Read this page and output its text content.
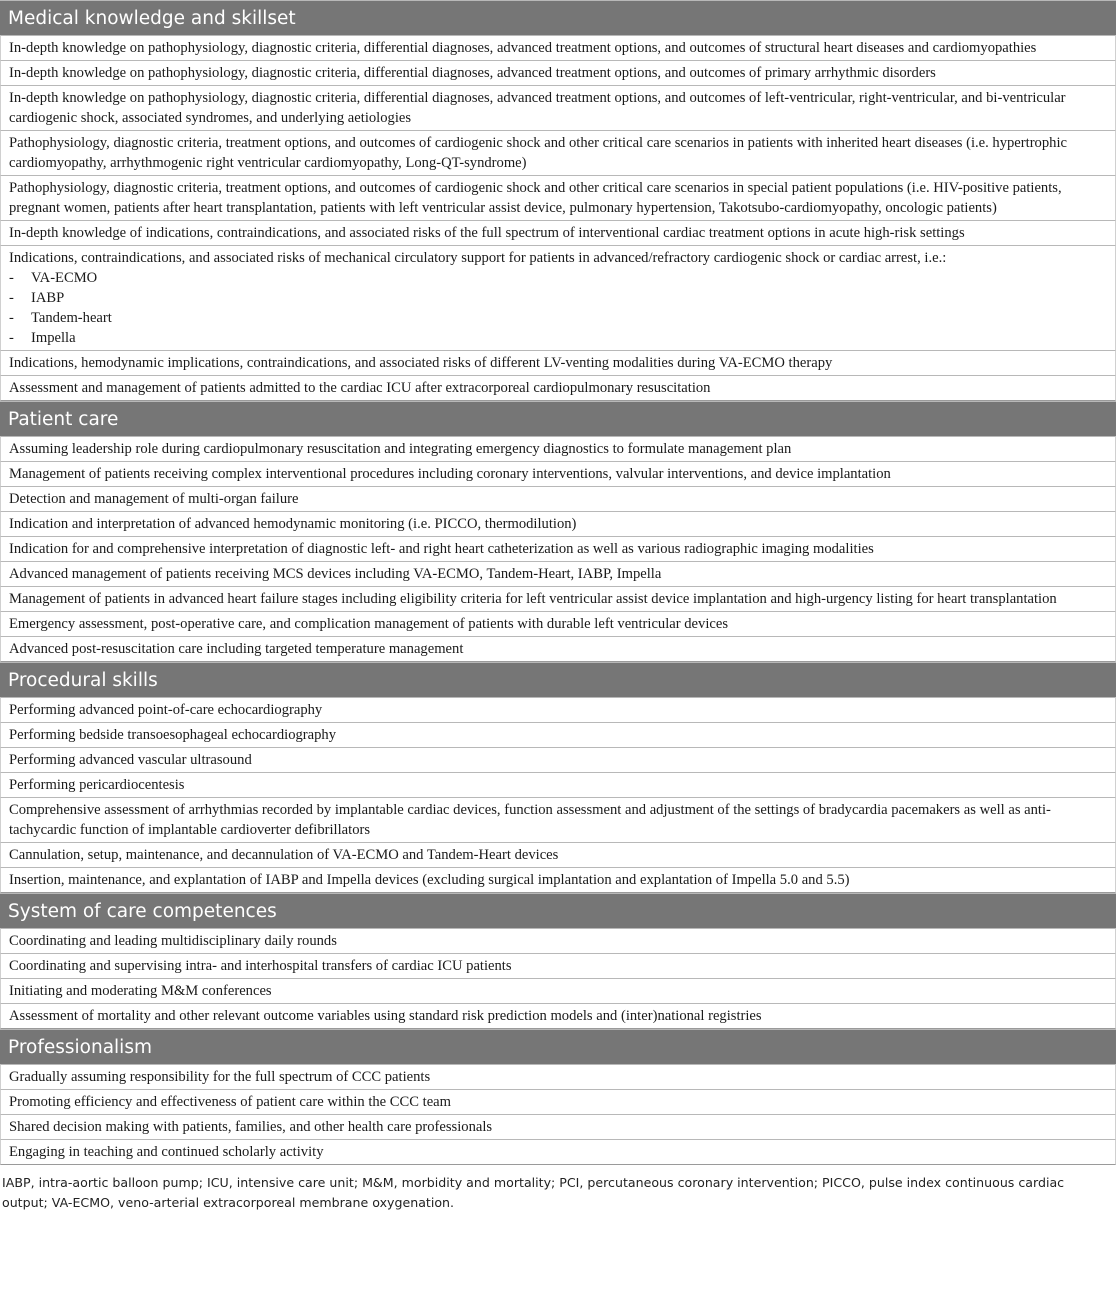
Medical knowledge and skillset
In-depth knowledge on pathophysiology, diagnostic criteria, differential diagnoses, advanced treatment options, and outcomes of structural heart diseases and cardiomyopathies
In-depth knowledge on pathophysiology, diagnostic criteria, differential diagnoses, advanced treatment options, and outcomes of primary arrhythmic disorders
In-depth knowledge on pathophysiology, diagnostic criteria, differential diagnoses, advanced treatment options, and outcomes of left-ventricular, right-ventricular, and bi-ventricular cardiogenic shock, associated syndromes, and underlying aetiologies
Pathophysiology, diagnostic criteria, treatment options, and outcomes of cardiogenic shock and other critical care scenarios in patients with inherited heart diseases (i.e. hypertrophic cardiomyopathy, arrhythmogenic right ventricular cardiomyopathy, Long-QT-syndrome)
Pathophysiology, diagnostic criteria, treatment options, and outcomes of cardiogenic shock and other critical care scenarios in special patient populations (i.e. HIV-positive patients, pregnant women, patients after heart transplantation, patients with left ventricular assist device, pulmonary hypertension, Takotsubo-cardiomyopathy, oncologic patients)
In-depth knowledge of indications, contraindications, and associated risks of the full spectrum of interventional cardiac treatment options in acute high-risk settings
Indications, contraindications, and associated risks of mechanical circulatory support for patients in advanced/refractory cardiogenic shock or cardiac arrest, i.e.:
- VA-ECMO
- IABP
- Tandem-heart
- Impella
Indications, hemodynamic implications, contraindications, and associated risks of different LV-venting modalities during VA-ECMO therapy
Assessment and management of patients admitted to the cardiac ICU after extracorporeal cardiopulmonary resuscitation
Patient care
Assuming leadership role during cardiopulmonary resuscitation and integrating emergency diagnostics to formulate management plan
Management of patients receiving complex interventional procedures including coronary interventions, valvular interventions, and device implantation
Detection and management of multi-organ failure
Indication and interpretation of advanced hemodynamic monitoring (i.e. PICCO, thermodilution)
Indication for and comprehensive interpretation of diagnostic left- and right heart catheterization as well as various radiographic imaging modalities
Advanced management of patients receiving MCS devices including VA-ECMO, Tandem-Heart, IABP, Impella
Management of patients in advanced heart failure stages including eligibility criteria for left ventricular assist device implantation and high-urgency listing for heart transplantation
Emergency assessment, post-operative care, and complication management of patients with durable left ventricular devices
Advanced post-resuscitation care including targeted temperature management
Procedural skills
Performing advanced point-of-care echocardiography
Performing bedside transoesophageal echocardiography
Performing advanced vascular ultrasound
Performing pericardiocentesis
Comprehensive assessment of arrhythmias recorded by implantable cardiac devices, function assessment and adjustment of the settings of bradycardia pacemakers as well as anti-tachycardic function of implantable cardioverter defibrillators
Cannulation, setup, maintenance, and decannulation of VA-ECMO and Tandem-Heart devices
Insertion, maintenance, and explantation of IABP and Impella devices (excluding surgical implantation and explantation of Impella 5.0 and 5.5)
System of care competences
Coordinating and leading multidisciplinary daily rounds
Coordinating and supervising intra- and interhospital transfers of cardiac ICU patients
Initiating and moderating M&M conferences
Assessment of mortality and other relevant outcome variables using standard risk prediction models and (inter)national registries
Professionalism
Gradually assuming responsibility for the full spectrum of CCC patients
Promoting efficiency and effectiveness of patient care within the CCC team
Shared decision making with patients, families, and other health care professionals
Engaging in teaching and continued scholarly activity
IABP, intra-aortic balloon pump; ICU, intensive care unit; M&M, morbidity and mortality; PCI, percutaneous coronary intervention; PICCO, pulse index continuous cardiac output; VA-ECMO, veno-arterial extracorporeal membrane oxygenation.
